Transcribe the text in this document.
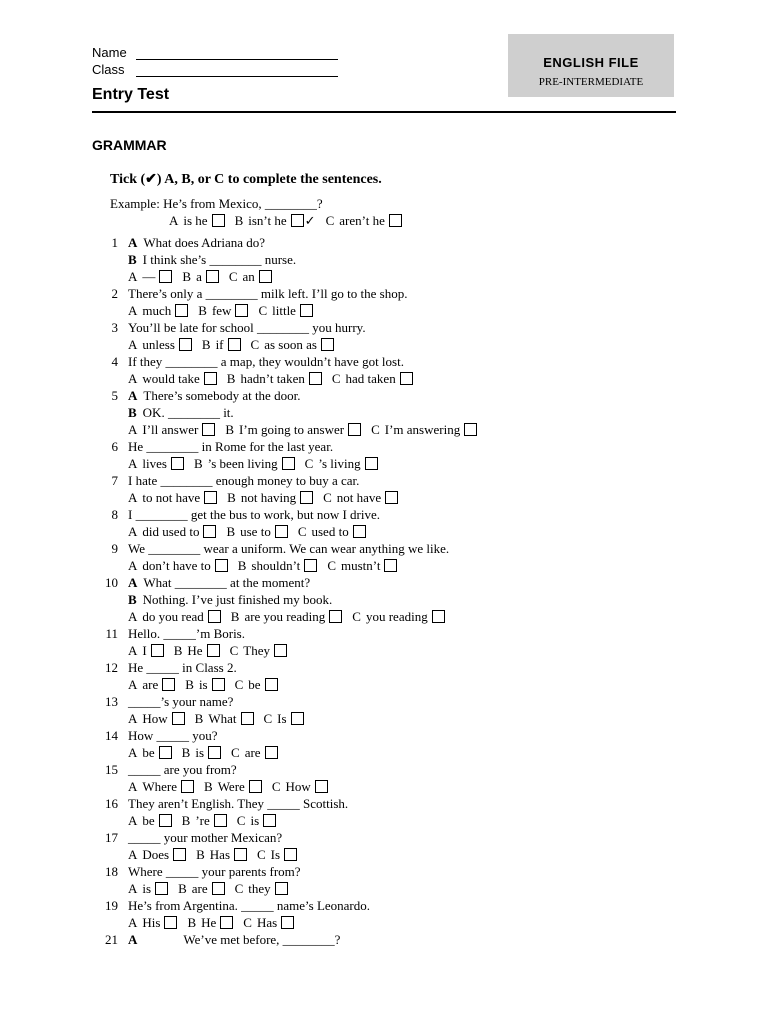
Name
Class
Entry Test
ENGLISH FILE
PRE-INTERMEDIATE
GRAMMAR
Tick (✔) A, B, or C to complete the sentences.
Example: He’s from Mexico, ________?
A is he B isn’t he ✓ C aren’t he
1 A What does Adriana do?
B I think she’s ________ nurse.
A — B a C an
2 There’s only a ________ milk left. I’ll go to the shop.
A much B few C little
3 You’ll be late for school ________ you hurry.
A unless B if C as soon as
4 If they ________ a map, they wouldn’t have got lost.
A would take B hadn’t taken C had taken
5 A There’s somebody at the door.
B OK. ________ it.
A I’ll answer B I’m going to answer C I’m answering
6 He ________ in Rome for the last year.
A lives B ’s been living C ’s living
7 I hate ________ enough money to buy a car.
A to not have B not having C not have
8 I ________ get the bus to work, but now I drive.
A did used to B use to C used to
9 We ________ wear a uniform. We can wear anything we like.
A don’t have to B shouldn’t C mustn’t
10 A What ________ at the moment?
B Nothing. I’ve just finished my book.
A do you read B are you reading C you reading
11 Hello. _____’m Boris.
A I B He C They
12 He _____ in Class 2.
A are B is C be
13 _____’s your name?
A How B What C Is
14 How _____ you?
A be B is C are
15 _____ are you from?
A Where B Were C How
16 They aren’t English. They _____ Scottish.
A be B ’re C is
17 _____ your mother Mexican?
A Does B Has C Is
18 Where _____ your parents from?
A is B are C they
19 He’s from Argentina. _____ name’s Leonardo.
A His B He C Has
21 A	We’ve met before, ________?
